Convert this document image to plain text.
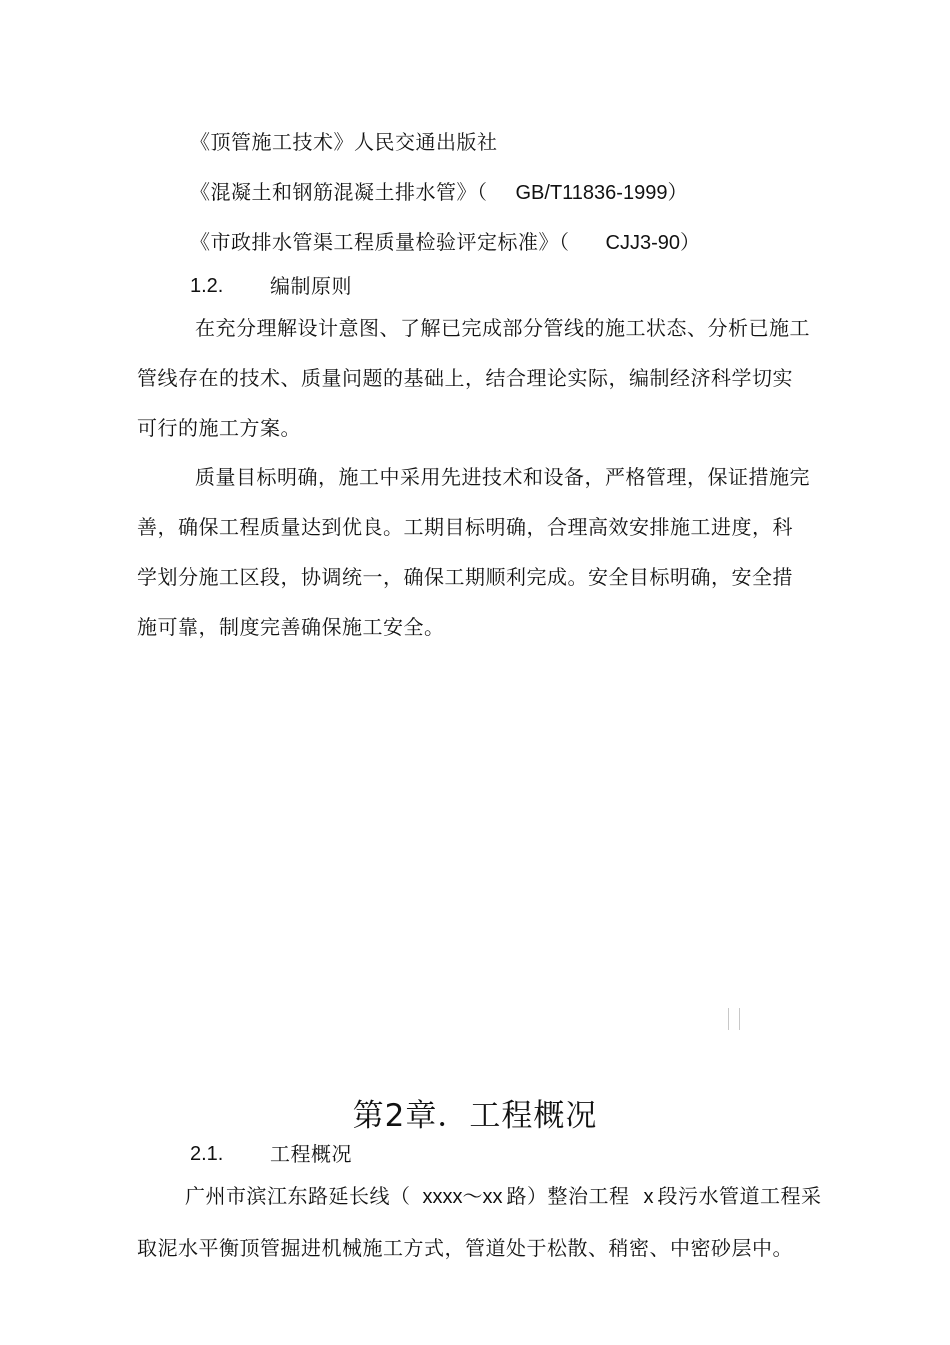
《顶管施工技术》人民交通出版社
《混凝土和钢筋混凝土排水管》（ GB/T11836-1999）
《市政排水管渠工程质量检验评定标准》（ CJJ3-90）
1.2. 编制原则
在充分理解设计意图、了解已完成部分管线的施工状态、分析已施工
管线存在的技术、质量问题的基础上，结合理论实际，编制经济科学切实
可行的施工方案。
质量目标明确，施工中采用先进技术和设备，严格管理，保证措施完
善，确保工程质量达到优良。工期目标明确，合理高效安排施工进度，科
学划分施工区段，协调统一，确保工期顺利完成。安全目标明确，安全措
施可靠，制度完善确保施工安全。
第2章．工程概况
2.1. 工程概况
广州市滨江东路延长线（ xxxx～xx 路）整治工程 x 段污水管道工程采
取泥水平衡顶管掘进机械施工方式，管道处于松散、稍密、中密砂层中。
